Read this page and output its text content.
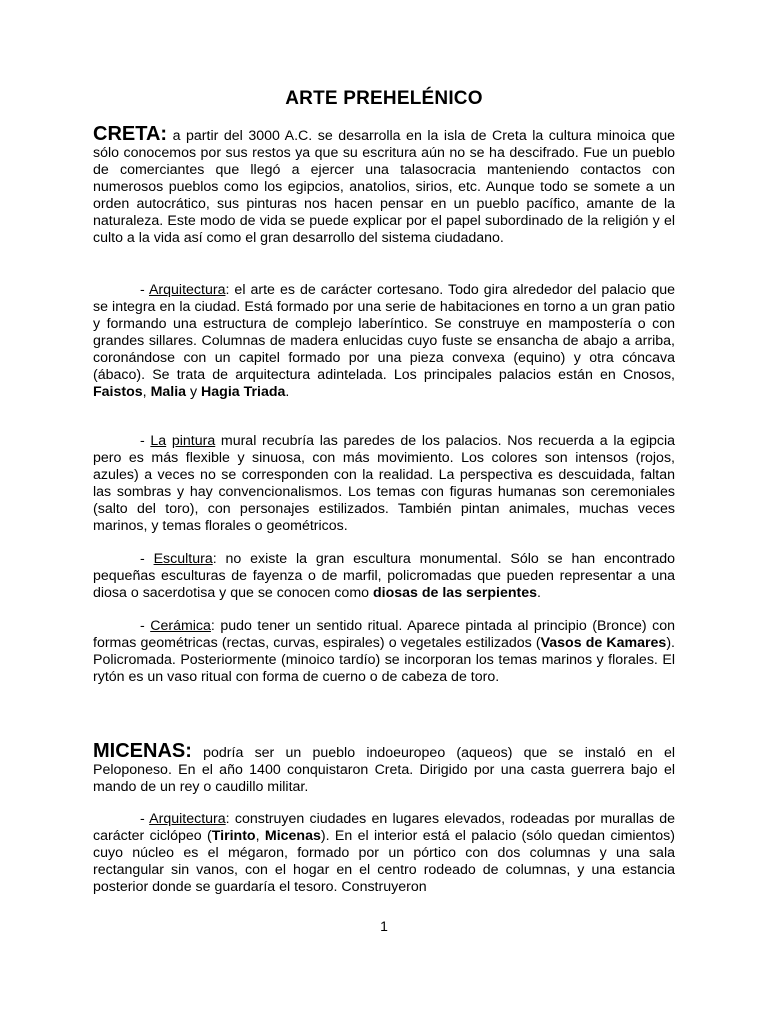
ARTE PREHELÉNICO
CRETA: a partir del 3000 A.C. se desarrolla en la isla de Creta la cultura minoica que sólo conocemos por sus restos ya que su escritura aún no se ha descifrado. Fue un pueblo de comerciantes que llegó a ejercer una talasocracia manteniendo contactos con numerosos pueblos como los egipcios, anatolios, sirios, etc. Aunque todo se somete a un orden autocrático, sus pinturas nos hacen pensar en un pueblo pacífico, amante de la naturaleza. Este modo de vida se puede explicar por el papel subordinado de la religión y el culto a la vida así como el gran desarrollo del sistema ciudadano.
- Arquitectura: el arte es de carácter cortesano. Todo gira alrededor del palacio que se integra en la ciudad. Está formado por una serie de habitaciones en torno a un gran patio y formando una estructura de complejo laberíntico. Se construye en mampostería o con grandes sillares. Columnas de madera enlucidas cuyo fuste se ensancha de abajo a arriba, coronándose con un capitel formado por una pieza convexa (equino) y otra cóncava (ábaco). Se trata de arquitectura adintelada. Los principales palacios están en Cnosos, Faistos, Malia y Hagia Triada.
- La pintura mural recubría las paredes de los palacios. Nos recuerda a la egipcia pero es más flexible y sinuosa, con más movimiento. Los colores son intensos (rojos, azules) a veces no se corresponden con la realidad. La perspectiva es descuidada, faltan las sombras y hay convencionalismos. Los temas con figuras humanas son ceremoniales (salto del toro), con personajes estilizados. También pintan animales, muchas veces marinos, y temas florales o geométricos.
- Escultura: no existe la gran escultura monumental. Sólo se han encontrado pequeñas esculturas de fayenza o de marfil, policromadas que pueden representar a una diosa o sacerdotisa y que se conocen como diosas de las serpientes.
- Cerámica: pudo tener un sentido ritual. Aparece pintada al principio (Bronce) con formas geométricas (rectas, curvas, espirales) o vegetales estilizados (Vasos de Kamares). Policromada. Posteriormente (minoico tardío) se incorporan los temas marinos y florales. El rytón es un vaso ritual con forma de cuerno o de cabeza de toro.
MICENAS: podría ser un pueblo indoeuropeo (aqueos) que se instaló en el Peloponeso. En el año 1400 conquistaron Creta. Dirigido por una casta guerrera bajo el mando de un rey o caudillo militar.
- Arquitectura: construyen ciudades en lugares elevados, rodeadas por murallas de carácter ciclópeo (Tirinto, Micenas). En el interior está el palacio (sólo quedan cimientos) cuyo núcleo es el mégaron, formado por un pórtico con dos columnas y una sala rectangular sin vanos, con el hogar en el centro rodeado de columnas, y una estancia posterior donde se guardaría el tesoro. Construyeron
1
